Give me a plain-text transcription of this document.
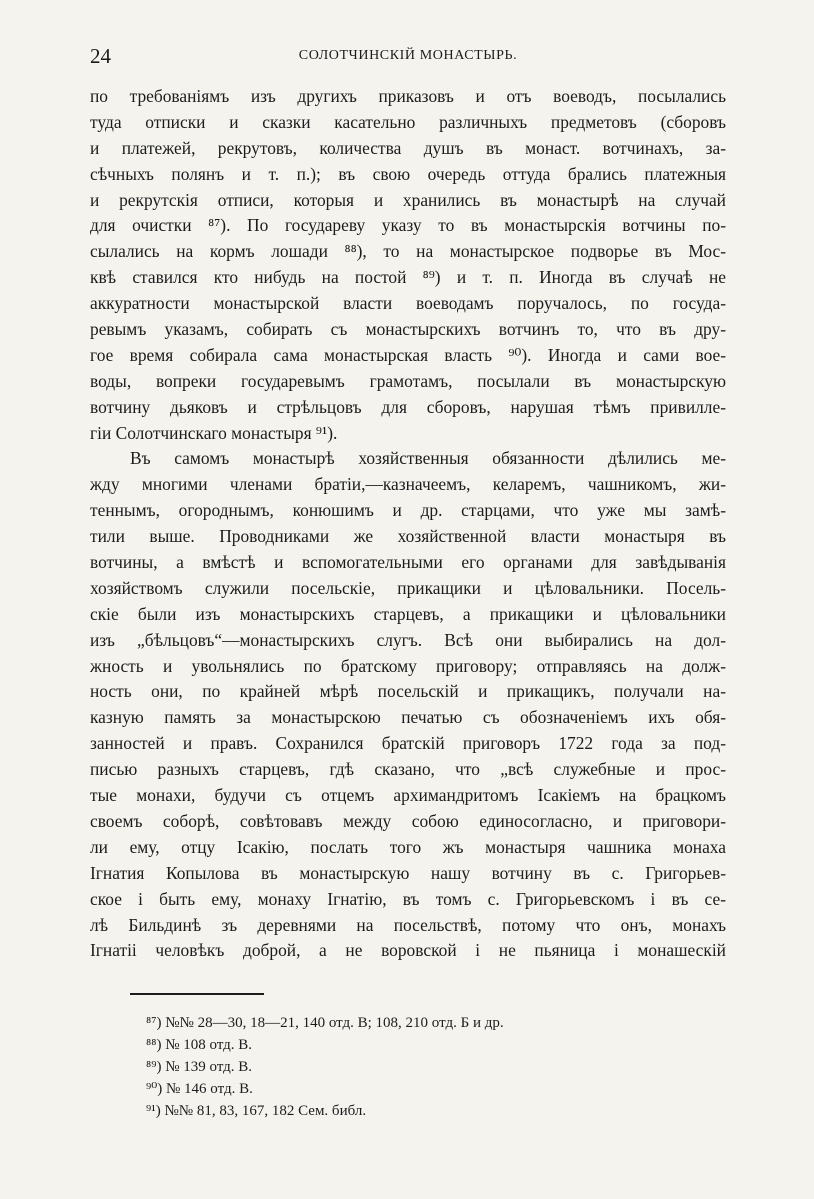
24	СОЛОТЧИНСКІЙ МОНАСТЫРЬ.
по требованіямъ изъ другихъ приказовъ и отъ воеводъ, посылались
туда отписки и сказки касательно различныхъ предметовъ (сборовъ
и платежей, рекрутовъ, количества душъ въ монаст. вотчинахъ, за-
сѣчныхъ полянъ и т. п.); въ свою очередь оттуда брались платежныя
и рекрутскія отписи, которыя и хранились въ монастырѣ на случай
для очистки ⁸⁷). По государеву указу то въ монастырскія вотчины по-
сылались на кормъ лошади ⁸⁸), то на монастырское подворье въ Мос-
квѣ ставился кто нибудь на постой ⁸⁹) и т. п. Иногда въ случаѣ не
аккуратности монастырской власти воеводамъ поручалось, по госуда-
ревымъ указамъ, собирать съ монастырскихъ вотчинъ то, что въ дру-
гое время собирала сама монастырская власть ⁹⁰). Иногда и сами вое-
воды, вопреки государевымъ грамотамъ, посылали въ монастырскую
вотчину дьяковъ и стрѣльцовъ для сборовъ, нарушая тѣмъ привилле-
гіи Солотчинскаго монастыря ⁹¹).
Въ самомъ монастырѣ хозяйственныя обязанности дѣлились ме-
жду многими членами братіи,—казначеемъ, келаремъ, чашникомъ, жи-
теннымъ, огороднымъ, конюшимъ и др. старцами, что уже мы замѣ-
тили выше. Проводниками же хозяйственной власти монастыря въ
вотчины, а вмѣстѣ и вспомогательными его органами для завѣдыванія
хозяйствомъ служили посельскіе, прикащики и цѣловальники. Посель-
скіе были изъ монастырскихъ старцевъ, а прикащики и цѣловальники
изъ „бѣльцовъ“—монастырскихъ слугъ. Всѣ они выбирались на дол-
жность и увольнялись по братскому приговору; отправляясь на долж-
ность они, по крайней мѣрѣ посельскій и прикащикъ, получали на-
казную память за монастырскою печатью съ обозначеніемъ ихъ обя-
занностей и правъ. Сохранился братскій приговоръ 1722 года за под-
писью разныхъ старцевъ, гдѣ сказано, что „всѣ служебные и прос-
тые монахи, будучи съ отцемъ архимандритомъ Ісакіемъ на брацкомъ
своемъ соборѣ, совѣтовавъ между собою единосогласно, и приговори-
ли ему, отцу Ісакію, послать того жъ монастыря чашника монаха
Ігнатия Копылова въ монастырскую нашу вотчину въ с. Григорьев-
ское і быть ему, монаху Ігнатію, въ томъ с. Григорьевскомъ і въ се-
лѣ Бильдинѣ зъ деревнями на посельствѣ, потому что онъ, монахъ
Ігнатіі человѣкъ доброй, а не воровской і не пьяница і монашескій
⁸⁷) №№ 28—30, 18—21, 140 отд. В; 108, 210 отд. Б и др.
⁸⁸) № 108 отд. В.
⁸⁹) № 139 отд. В.
⁹⁰) № 146 отд. В.
⁹¹) №№ 81, 83, 167, 182 Сем. библ.
